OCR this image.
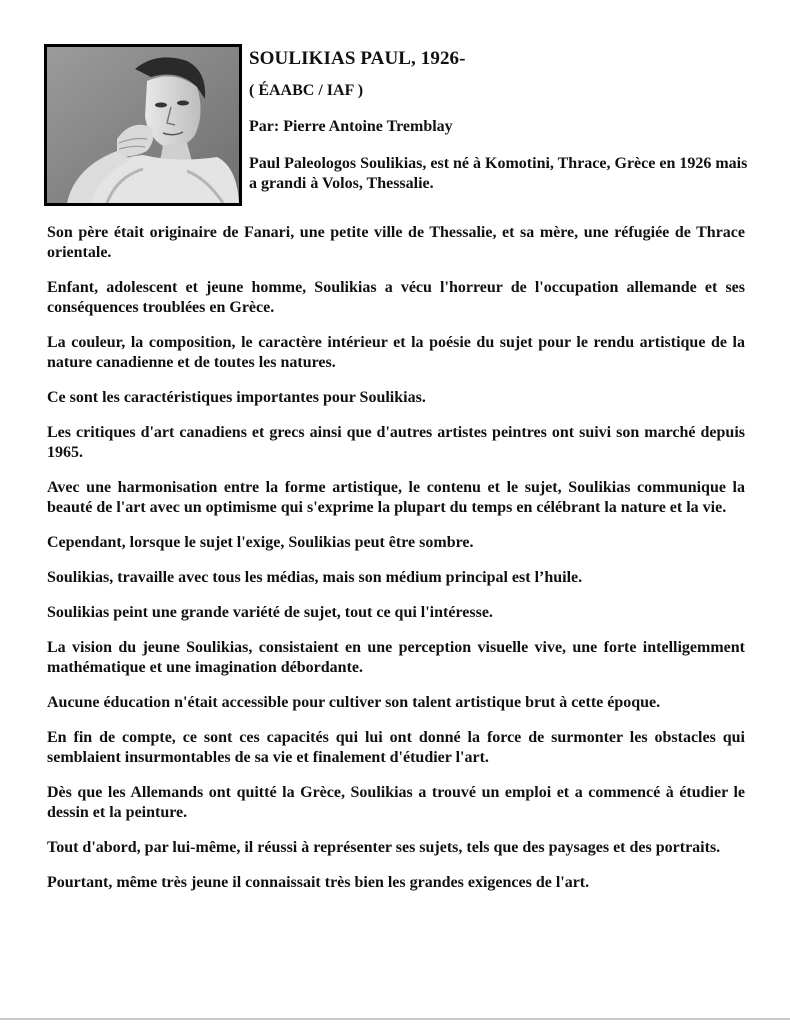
SOULIKIAS PAUL, 1926-

( ÉAABC / IAF )

Par: Pierre Antoine Tremblay

Paul Paleologos Soulikias, est né à Komotini, Thrace, Grèce en 1926 mais a grandi à Volos, Thessalie.

Son père était originaire de Fanari, une petite ville de Thessalie, et sa mère, une réfugiée de Thrace orientale.

Enfant, adolescent et jeune homme, Soulikias a vécu l'horreur de l'occupation allemande et ses conséquences troublées en Grèce.

La couleur, la composition, le caractère intérieur et la poésie du sujet pour le rendu artistique de la nature canadienne et de toutes les natures.

Ce sont les caractéristiques importantes pour Soulikias.

Les critiques d'art canadiens et grecs ainsi que d'autres artistes peintres ont suivi son marché depuis 1965.

Avec une harmonisation entre la forme artistique, le contenu et le sujet, Soulikias communique la beauté de l'art avec un optimisme qui s'exprime la plupart du temps en célébrant la nature et la vie.

Cependant, lorsque le sujet l'exige, Soulikias peut être sombre.

Soulikias, travaille avec tous les médias, mais son médium principal est l’huile.

Soulikias peint une grande variété de sujet, tout ce qui l'intéresse.

La vision du jeune Soulikias, consistaient en une perception visuelle vive, une forte intelligemment mathématique et une imagination débordante.

Aucune éducation n'était accessible pour cultiver son talent artistique brut à cette époque.

En fin de compte, ce sont ces capacités qui lui ont donné la force de surmonter les obstacles qui semblaient insurmontables de sa vie et finalement d'étudier l'art.

Dès que les Allemands ont quitté la Grèce, Soulikias a trouvé un emploi et a commencé à étudier le dessin et la peinture.

Tout d'abord, par lui-même, il réussi à représenter ses sujets, tels que des paysages et des portraits.

Pourtant, même très jeune il connaissait très bien les grandes exigences de l'art.
